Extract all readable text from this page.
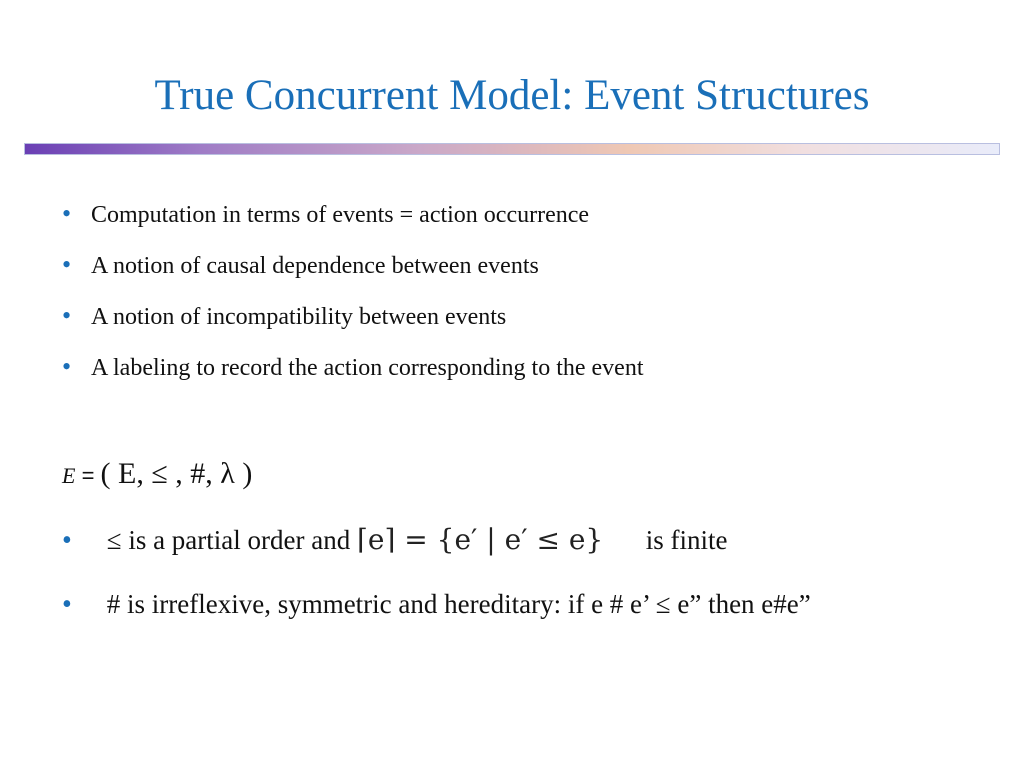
True Concurrent Model: Event Structures
• Computation in terms of events = action occurrence
• A notion of causal dependence between events
• A notion of incompatibility between events
• A labeling to record the action corresponding to the event
E = ( E, ≤ , #, λ )
• ≤ is a partial order and ⌈e⌉ = {e′ | e′ ≤ e} is finite
• # is irreflexive, symmetric and hereditary: if e # e’ ≤ e” then e#e”
